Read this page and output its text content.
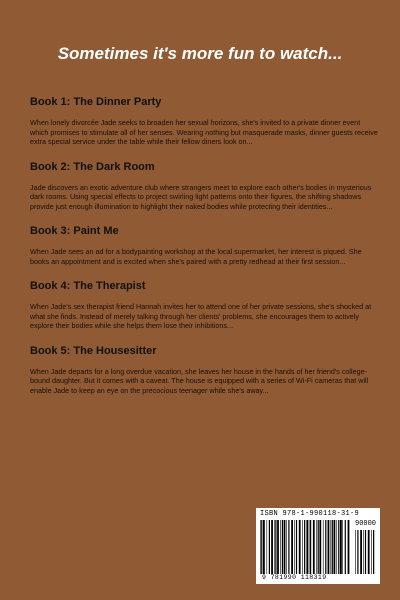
Sometimes it's more fun to watch...
Book 1: The Dinner Party

When lonely divorcée Jade seeks to broaden her sexual horizons, she's invited to a private dinner event which promises to stimulate all of her senses. Wearing nothing but masquerade masks, dinner guests receive extra special service under the table while their fellow diners look on...

Book 2: The Dark Room

Jade discovers an exotic adventure club where strangers meet to explore each other's bodies in mysterious dark rooms. Using special effects to project swirling light patterns onto their figures, the shifting shadows provide just enough illumination to highlight their naked bodies while protecting their identities...

Book 3: Paint Me

When Jade sees an ad for a bodypainting workshop at the local supermarket, her interest is piqued. She books an appointment and is excited when she's paired with a pretty redhead at their first session...

Book 4: The Therapist

When Jade's sex therapist friend Hannah invites her to attend one of her private sessions, she's shocked at what she finds. Instead of merely talking through her clients' problems, she encourages them to actively explore their bodies while she helps them lose their inhibitions...

Book 5: The Housesitter

When Jade departs for a long overdue vacation, she leaves her house in the hands of her friend's college-bound daughter. But it comes with a caveat. The house is equipped with a series of Wi-Fi cameras that will enable Jade to keep an eye on the precocious teenager while she's away...

ISBN 978-1-990118-31-9
90000
9 781990 118319
